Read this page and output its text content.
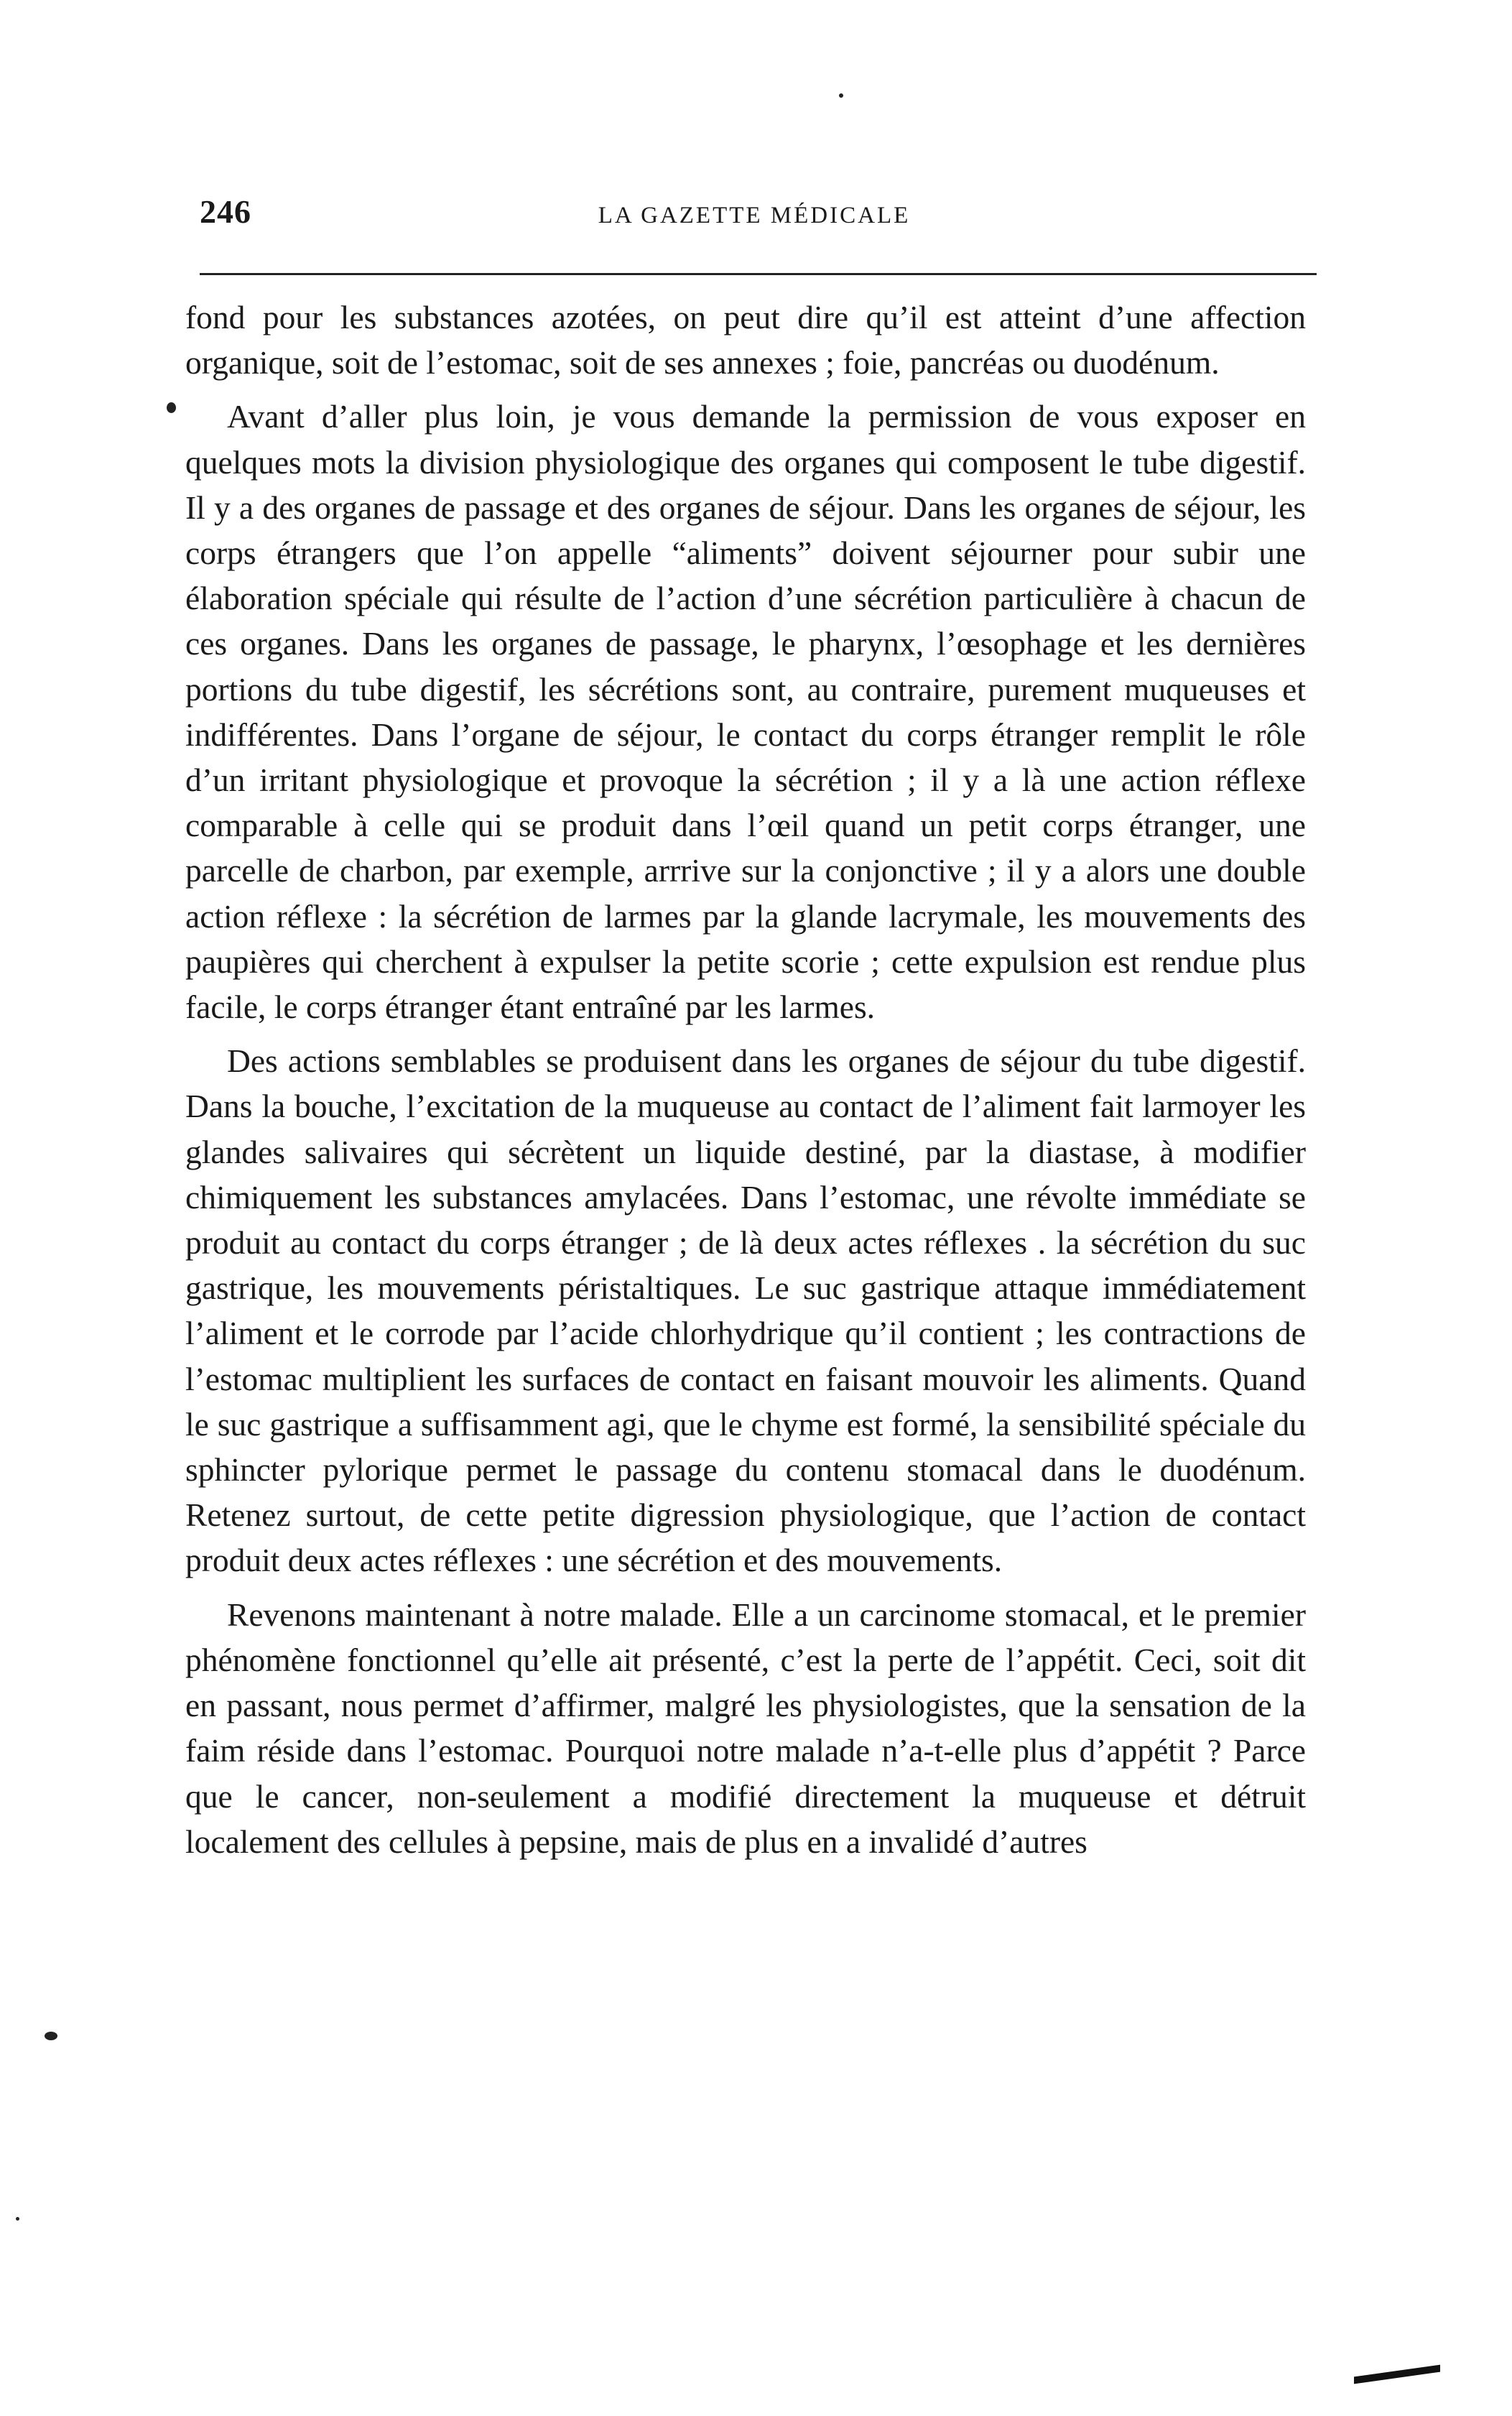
246	LA GAZETTE MÉDICALE

fond pour les substances azotées, on peut dire qu’il est atteint d’une affection organique, soit de l’estomac, soit de ses annexes ; foie, pancréas ou duodénum.

Avant d’aller plus loin, je vous demande la permission de vous exposer en quelques mots la division physiologique des organes qui composent le tube digestif. Il y a des organes de passage et des organes de séjour. Dans les organes de séjour, les corps étrangers que l’on appelle “aliments” doivent séjourner pour subir une élaboration spéciale qui résulte de l’action d’une sécrétion particulière à chacun de ces organes. Dans les organes de passage, le pharynx, l’œsophage et les dernières portions du tube digestif, les sécrétions sont, au contraire, purement muqueuses et indifférentes. Dans l’organe de séjour, le contact du corps étranger remplit le rôle d’un irritant physiologique et provoque la sécrétion ; il y a là une action réflexe comparable à celle qui se produit dans l’œil quand un petit corps étranger, une parcelle de charbon, par exemple, arrrive sur la conjonctive ; il y a alors une double action réflexe : la sécrétion de larmes par la glande lacrymale, les mouvements des paupières qui cherchent à expulser la petite scorie ; cette expulsion est rendue plus facile, le corps étranger étant entraîné par les larmes.

Des actions semblables se produisent dans les organes de séjour du tube digestif. Dans la bouche, l’excitation de la muqueuse au contact de l’aliment fait larmoyer les glandes salivaires qui sécrètent un liquide destiné, par la diastase, à modifier chimiquement les substances amylacées. Dans l’estomac, une révolte immédiate se produit au contact du corps étranger ; de là deux actes réflexes . la sécrétion du suc gastrique, les mouvements péristaltiques. Le suc gastrique attaque immédiatement l’aliment et le corrode par l’acide chlorhydrique qu’il contient ; les contractions de l’estomac multiplient les surfaces de contact en faisant mouvoir les aliments. Quand le suc gastrique a suffisamment agi, que le chyme est formé, la sensibilité spéciale du sphincter pylorique permet le passage du contenu stomacal dans le duodénum. Retenez surtout, de cette petite digression physiologique, que l’action de contact produit deux actes réflexes : une sécrétion et des mouvements.

Revenons maintenant à notre malade. Elle a un carcinome stomacal, et le premier phénomène fonctionnel qu’elle ait présenté, c’est la perte de l’appétit. Ceci, soit dit en passant, nous permet d’affirmer, malgré les physiologistes, que la sensation de la faim réside dans l’estomac. Pourquoi notre malade n’a-t-elle plus d’appétit ? Parce que le cancer, non-seulement a modifié directement la muqueuse et détruit localement des cellules à pepsine, mais de plus en a invalidé d’autres
